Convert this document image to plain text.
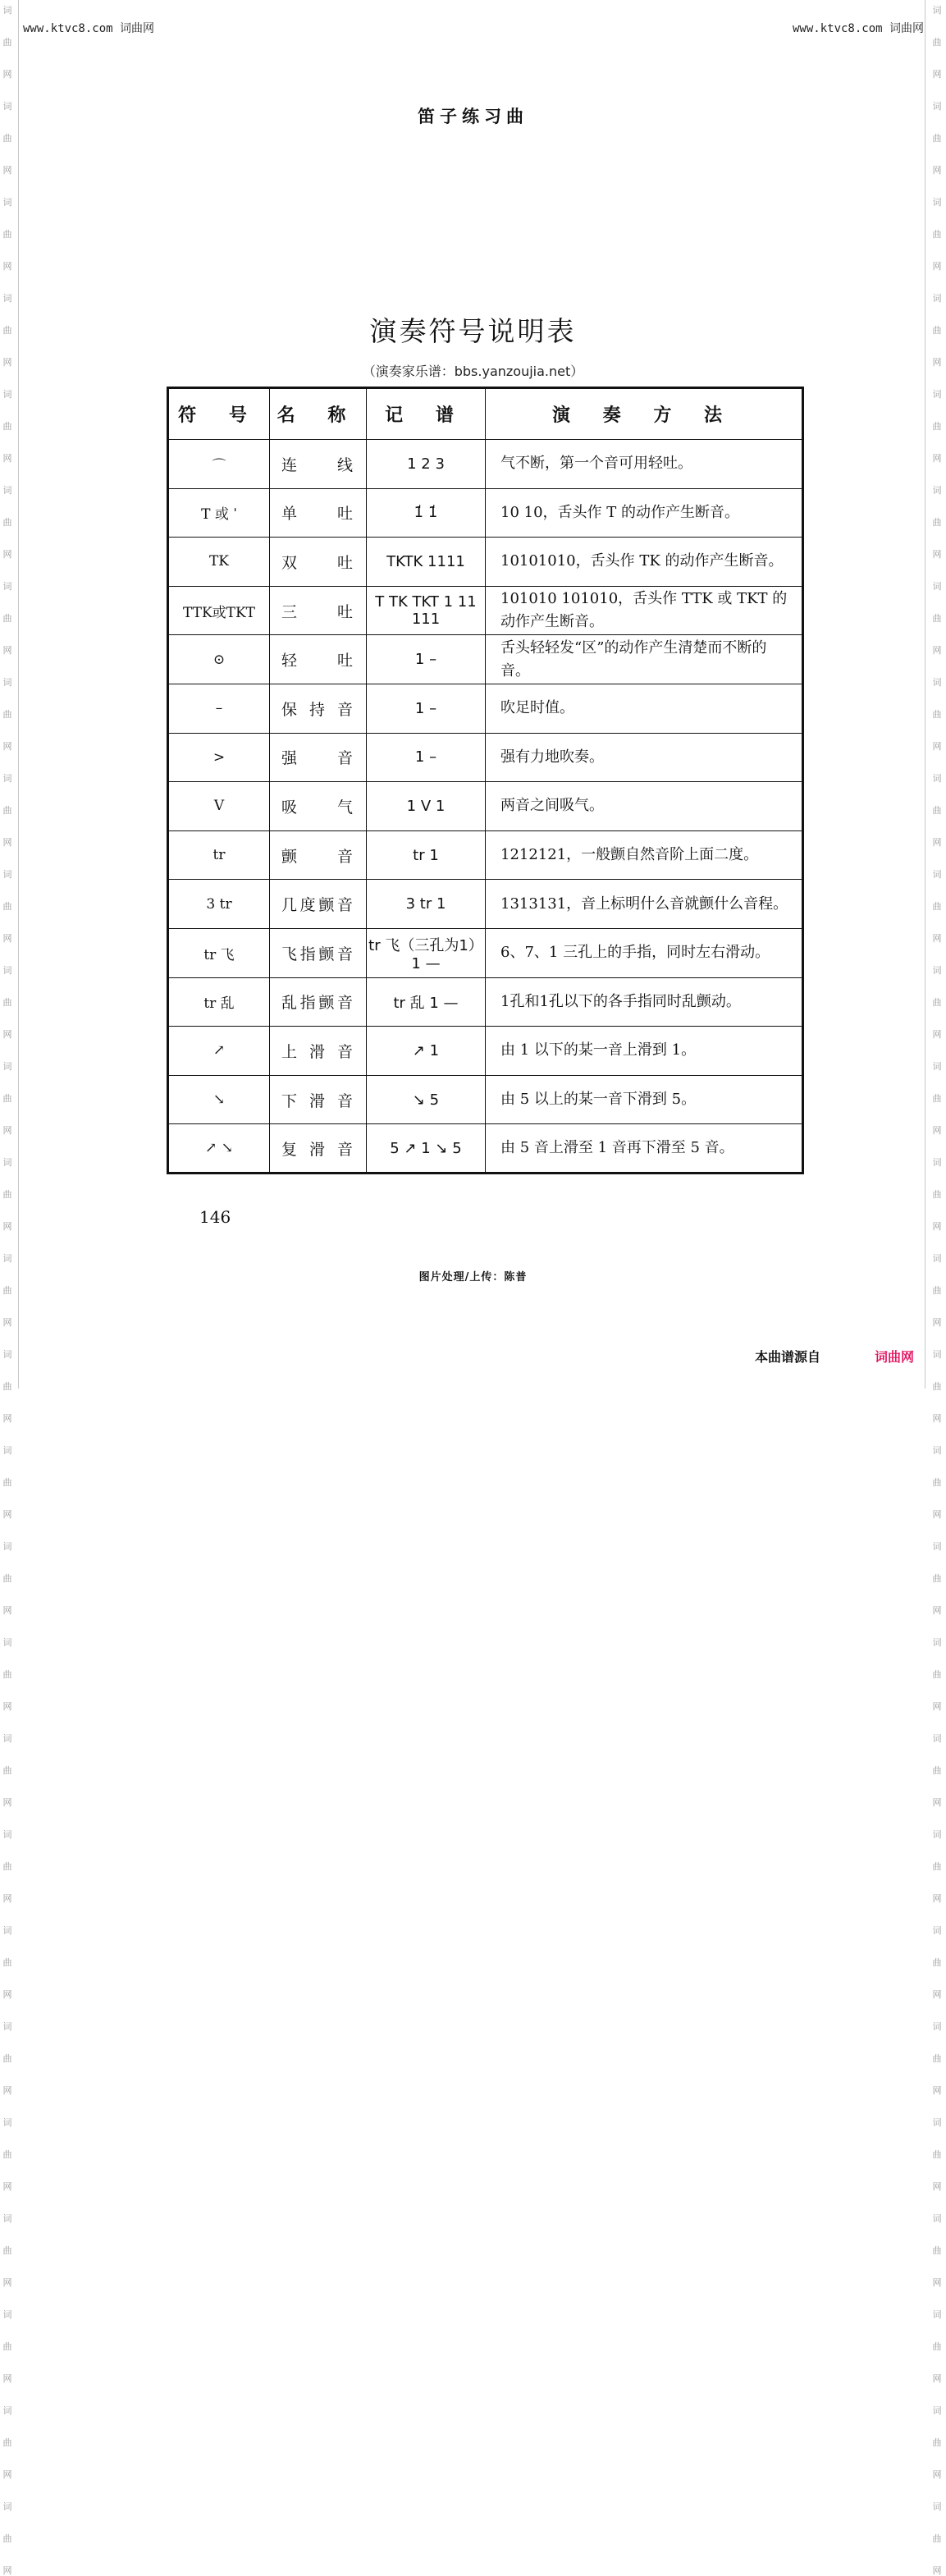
词
曲
网
词
曲
网
词
曲
网
词
曲
网
词
曲
网
词
曲
网
词
曲
网
词
曲
网
词
曲
网
词
曲
网
词
曲
网
词
曲
网
词
曲
网
词
曲
网
词
曲
网
词
曲
网
词
曲
网
词
曲
网
词
曲
网
词
曲
网
词
曲
网
词
曲
网
词
曲
网
词
曲
网
词
曲
网
词
曲
网
词
曲
网
词
曲
网
词
曲
网
词
曲
网
词
曲
网
词
曲
网
词
曲
网
词
曲
网
词
曲
网
词
曲
网
词
曲
网
词
曲
网
词
曲
网
词
曲
网
词
曲
网
词
曲
网
词
曲
网
词
曲
网
词
曲
网
词
曲
网
词
曲
网
词
曲
网
词
曲
网
词
曲
网
词
曲
网
词
曲
网
词
曲
网
词
曲
网
www.ktvc8.com 词曲网	www.ktvc8.com 词曲网
笛子练习曲
演奏符号说明表
（演奏家乐谱：bbs.yanzoujia.net）
符 号	名 称	记 谱	演 奏 方 法
⌒	连 线	1 2 3	气不断，第一个音可用轻吐。
T 或 ˈ	单 吐	1̍ 1̍	10 10，舌头作 T 的动作产生断音。
TK	双 吐	TKTK 1111	10101010，舌头作 TK 的动作产生断音。
TTK或TKT	三 吐	T TK TKT 1 11 111	101010 101010，舌头作 TTK 或 TKT 的动作产生断音。
⊙	轻 吐	1 –	舌头轻轻发“区”的动作产生清楚而不断的音。
–	保 持 音	1 –	吹足时值。
>	强 音	1 –	强有力地吹奏。
V	吸 气	1 V 1	两音之间吸气。
tr	颤 音	tr 1	1212121，一般颤自然音阶上面二度。
3 tr	几 度 颤 音	3 tr 1	1313131，音上标明什么音就颤什么音程。
tr 飞	飞 指 颤 音	tr 飞（三孔为1） 1 —	6、7、1 三孔上的手指，同时左右滑动。
tr 乱	乱 指 颤 音	tr 乱 1 —	1孔和1孔以下的各手指同时乱颤动。
↗	上 滑 音	↗ 1	由 1 以下的某一音上滑到 1。
↘	下 滑 音	↘ 5	由 5 以上的某一音下滑到 5。
↗ ↘	复 滑 音	5 ↗ 1 ↘ 5	由 5 音上滑至 1 音再下滑至 5 音。
146
图片处理/上传：陈普
本曲谱源自	词曲网
